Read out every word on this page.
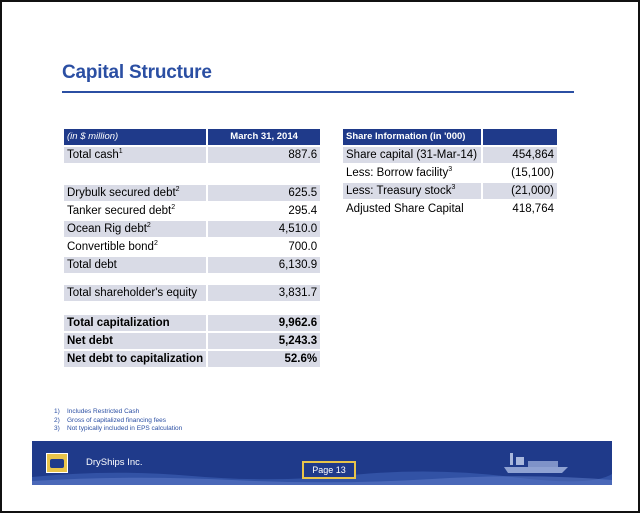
Capital Structure
(in $ million)	March 31, 2014
Total cash$^1$	887.6

Drybulk secured debt$^2$	625.5
Tanker secured debt$^2$	295.4
Ocean Rig debt$^2$	4,510.0
Convertible bond$^2$	700.0
Total debt	6,130.9

Total shareholder's equity	3,831.7

Total capitalization	9,962.6
Net debt	5,243.3
Net debt to capitalization	52.6%
Share Information (in '000)	
Share capital (31-Mar-14)	454,864
Less: Borrow facility$^3$	(15,100)
Less: Treasury stock$^3$	(21,000)
Adjusted Share Capital	418,764
1)	Includes Restricted Cash
2)	Gross of capitalized financing fees
3)	Not typically included in EPS calculation
DryShips Inc.
Page 13
